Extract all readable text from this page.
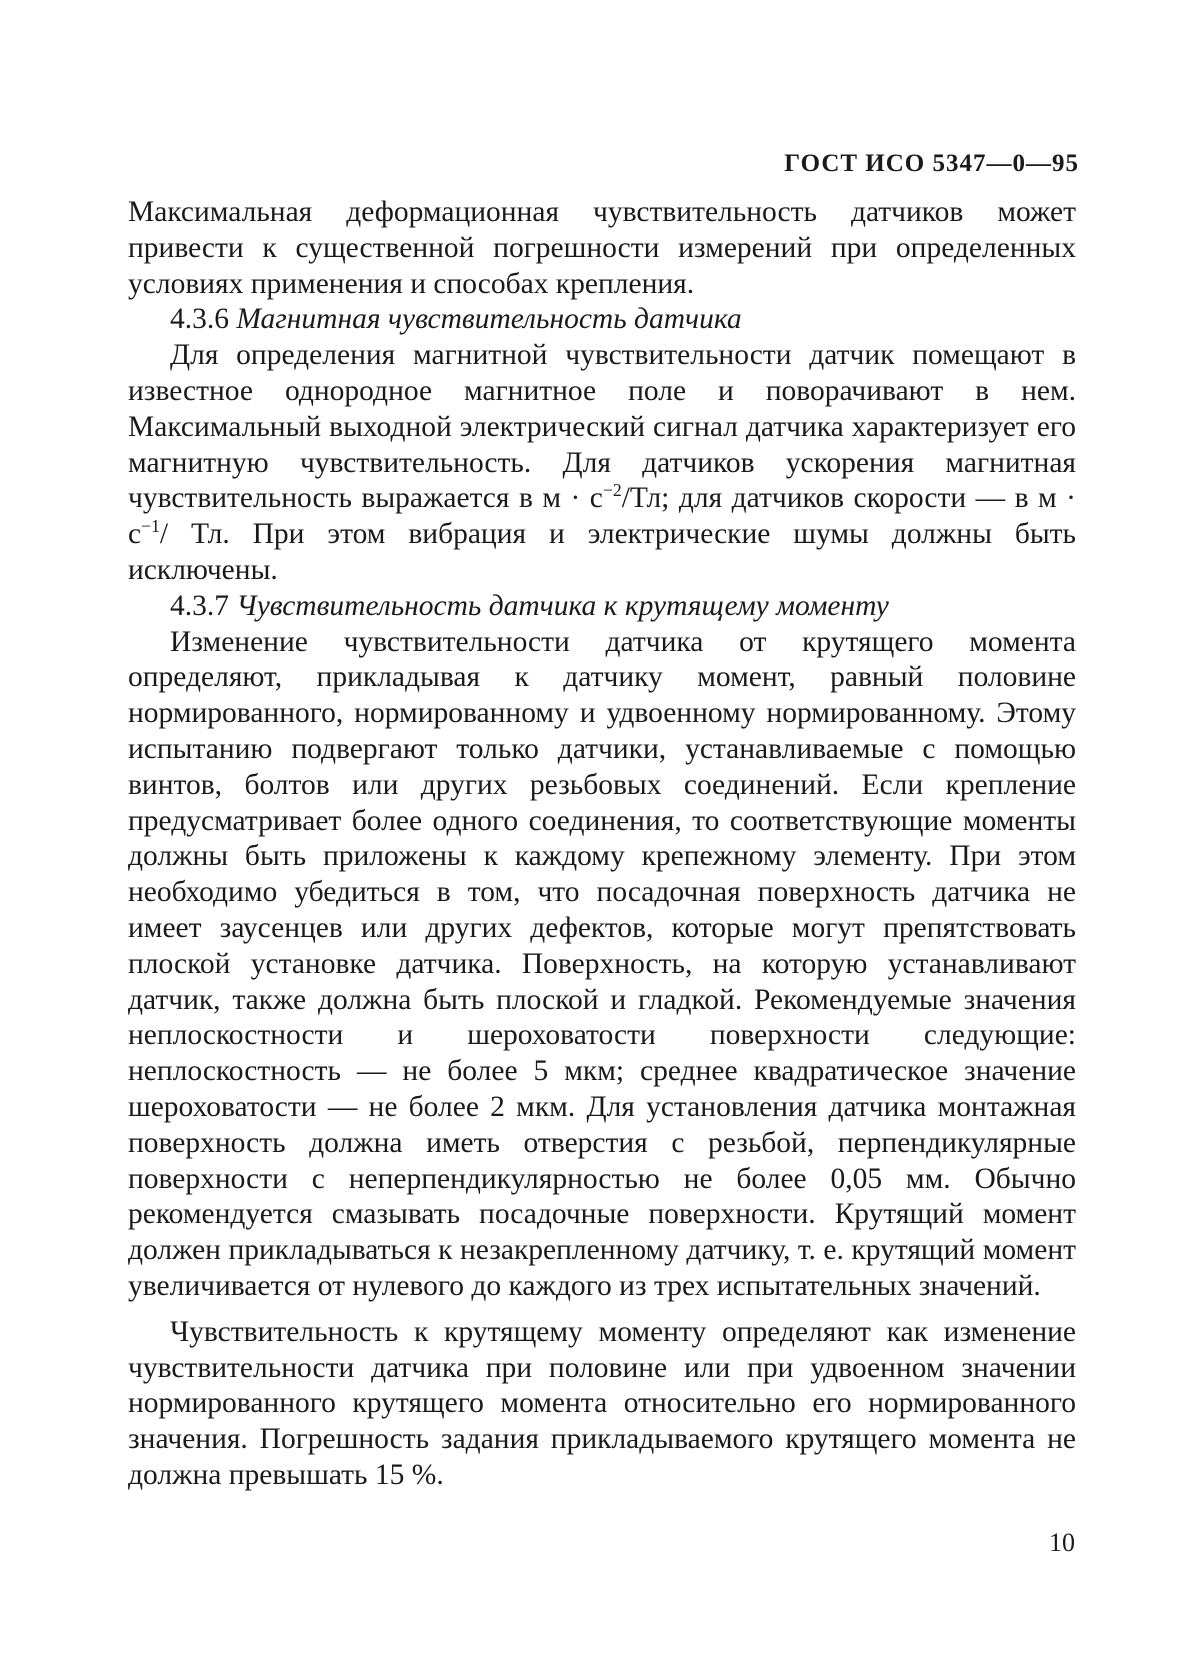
ГОСТ ИСО 5347—0—95

Максимальная деформационная чувствительность датчиков может привести к существенной погрешности измерений при определенных условиях применения и способах крепления.

4.3.6 Магнитная чувствительность датчика

Для определения магнитной чувствительности датчик помещают в известное однородное магнитное поле и поворачивают в нем. Максимальный выходной электрический сигнал датчика характеризует его магнитную чувствительность. Для датчиков ускорения магнитная чувствительность выражается в $м \cdot с^{-2}/Тл$; для датчиков скорости — в $м \cdot с^{-1}/$ Тл. При этом вибрация и электрические шумы должны быть исключены.

4.3.7 Чувствительность датчика к крутящему моменту

Изменение чувствительности датчика от крутящего момента определяют, прикладывая к датчику момент, равный половине нормированного, нормированному и удвоенному нормированному. Этому испытанию подвергают только датчики, устанавливаемые с помощью винтов, болтов или других резьбовых соединений. Если крепление предусматривает более одного соединения, то соответствующие моменты должны быть приложены к каждому крепежному элементу. При этом необходимо убедиться в том, что посадочная поверхность датчика не имеет заусенцев или других дефектов, которые могут препятствовать плоской установке датчика. Поверхность, на которую устанавливают датчик, также должна быть плоской и гладкой. Рекомендуемые значения неплоскостности и шероховатости поверхности следующие: неплоскостность — не более 5 мкм; среднее квадратическое значение шероховатости — не более 2 мкм. Для установления датчика монтажная поверхность должна иметь отверстия с резьбой, перпендикулярные поверхности с неперпендикулярностью не более 0,05 мм. Обычно рекомендуется смазывать посадочные поверхности. Крутящий момент должен прикладываться к незакрепленному датчику, т. е. крутящий момент увеличивается от нулевого до каждого из трех испытательных значений.

Чувствительность к крутящему моменту определяют как изменение чувствительности датчика при половине или при удвоенном значении нормированного крутящего момента относительно его нормированного значения. Погрешность задания прикладываемого крутящего момента не должна превышать 15 %.

10
